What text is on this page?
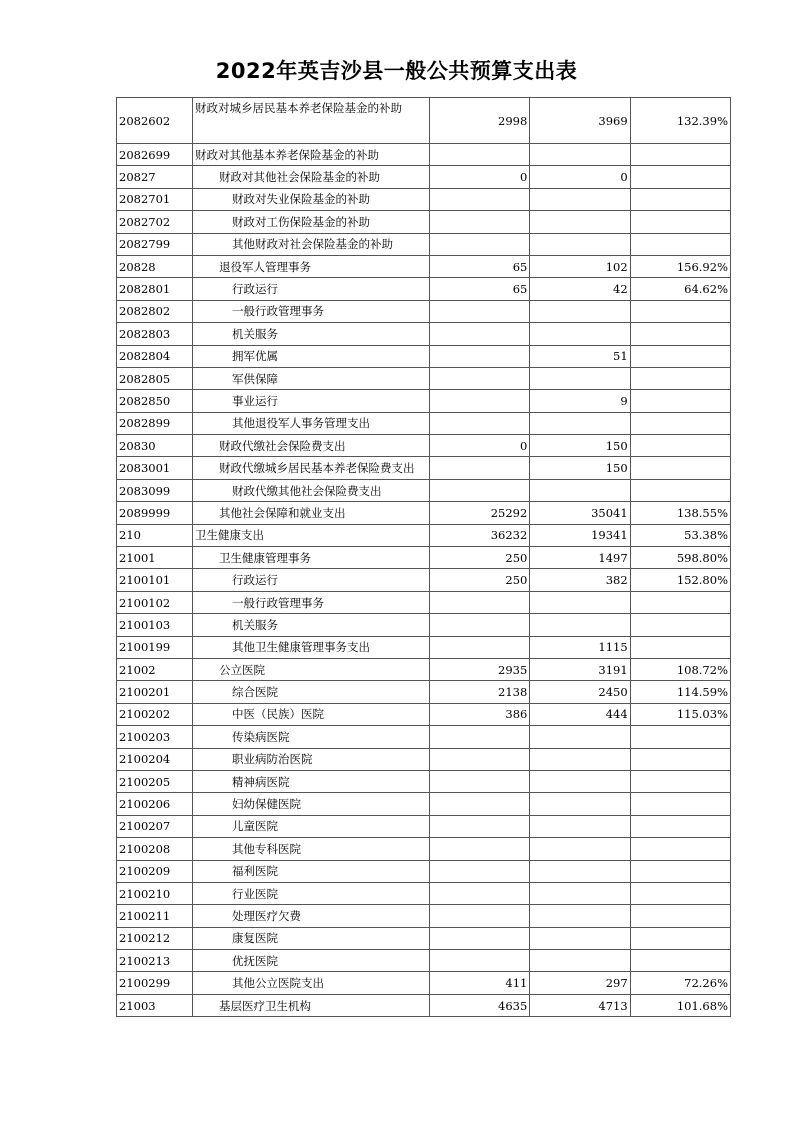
2022年英吉沙县一般公共预算支出表
2082602	财政对城乡居民基本养老保险基金的补助	2998	3969	132.39%
2082699	财政对其他基本养老保险基金的补助			
20827	财政对其他社会保险基金的补助	0	0	
2082701	财政对失业保险基金的补助			
2082702	财政对工伤保险基金的补助			
2082799	其他财政对社会保险基金的补助			
20828	退役军人管理事务	65	102	156.92%
2082801	行政运行	65	42	64.62%
2082802	一般行政管理事务			
2082803	机关服务			
2082804	拥军优属		51	
2082805	军供保障			
2082850	事业运行		9	
2082899	其他退役军人事务管理支出			
20830	财政代缴社会保险费支出	0	150	
2083001	财政代缴城乡居民基本养老保险费支出		150	
2083099	财政代缴其他社会保险费支出			
2089999	其他社会保障和就业支出	25292	35041	138.55%
210	卫生健康支出	36232	19341	53.38%
21001	卫生健康管理事务	250	1497	598.80%
2100101	行政运行	250	382	152.80%
2100102	一般行政管理事务			
2100103	机关服务			
2100199	其他卫生健康管理事务支出		1115	
21002	公立医院	2935	3191	108.72%
2100201	综合医院	2138	2450	114.59%
2100202	中医（民族）医院	386	444	115.03%
2100203	传染病医院			
2100204	职业病防治医院			
2100205	精神病医院			
2100206	妇幼保健医院			
2100207	儿童医院			
2100208	其他专科医院			
2100209	福利医院			
2100210	行业医院			
2100211	处理医疗欠费			
2100212	康复医院			
2100213	优抚医院			
2100299	其他公立医院支出	411	297	72.26%
21003	基层医疗卫生机构	4635	4713	101.68%
